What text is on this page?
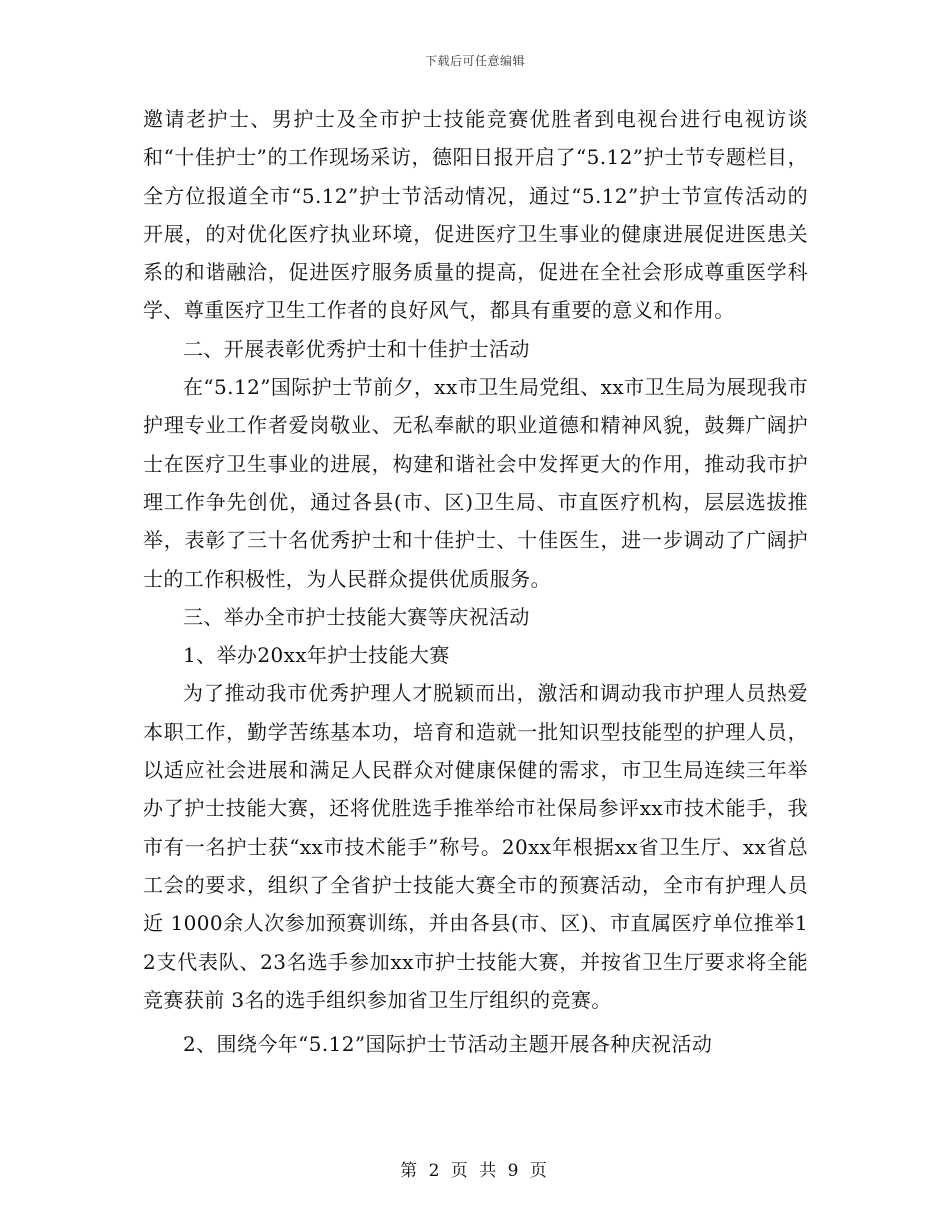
下载后可任意编辑

邀请老护士、男护士及全市护士技能竞赛优胜者到电视台进行电视访谈和“十佳护士”的工作现场采访，德阳日报开启了“5.12”护士节专题栏目，全方位报道全市“5.12”护士节活动情况，通过“5.12”护士节宣传活动的开展，的对优化医疗执业环境，促进医疗卫生事业的健康进展促进医患关系的和谐融洽，促进医疗服务质量的提高，促进在全社会形成尊重医学科学、尊重医疗卫生工作者的良好风气，都具有重要的意义和作用。

二、开展表彰优秀护士和十佳护士活动

在“5.12”国际护士节前夕，xx市卫生局党组、xx市卫生局为展现我市护理专业工作者爱岗敬业、无私奉献的职业道德和精神风貌，鼓舞广阔护士在医疗卫生事业的进展，构建和谐社会中发挥更大的作用，推动我市护理工作争先创优，通过各县(市、区)卫生局、市直医疗机构，层层选拔推举，表彰了三十名优秀护士和十佳护士、十佳医生，进一步调动了广阔护士的工作积极性，为人民群众提供优质服务。

三、举办全市护士技能大赛等庆祝活动

1、举办20xx年护士技能大赛

为了推动我市优秀护理人才脱颖而出，激活和调动我市护理人员热爱本职工作，勤学苦练基本功，培育和造就一批知识型技能型的护理人员，以适应社会进展和满足人民群众对健康保健的需求，市卫生局连续三年举办了护士技能大赛，还将优胜选手推举给市社保局参评xx市技术能手，我市有一名护士获“xx市技术能手”称号。20xx年根据xx省卫生厅、xx省总工会的要求，组织了全省护士技能大赛全市的预赛活动，全市有护理人员近 1000余人次参加预赛训练，并由各县(市、区)、市直属医疗单位推举12支代表队、23名选手参加xx市护士技能大赛，并按省卫生厅要求将全能竞赛获前 3名的选手组织参加省卫生厅组织的竞赛。

2、围绕今年“5.12”国际护士节活动主题开展各种庆祝活动

第 2 页 共 9 页
